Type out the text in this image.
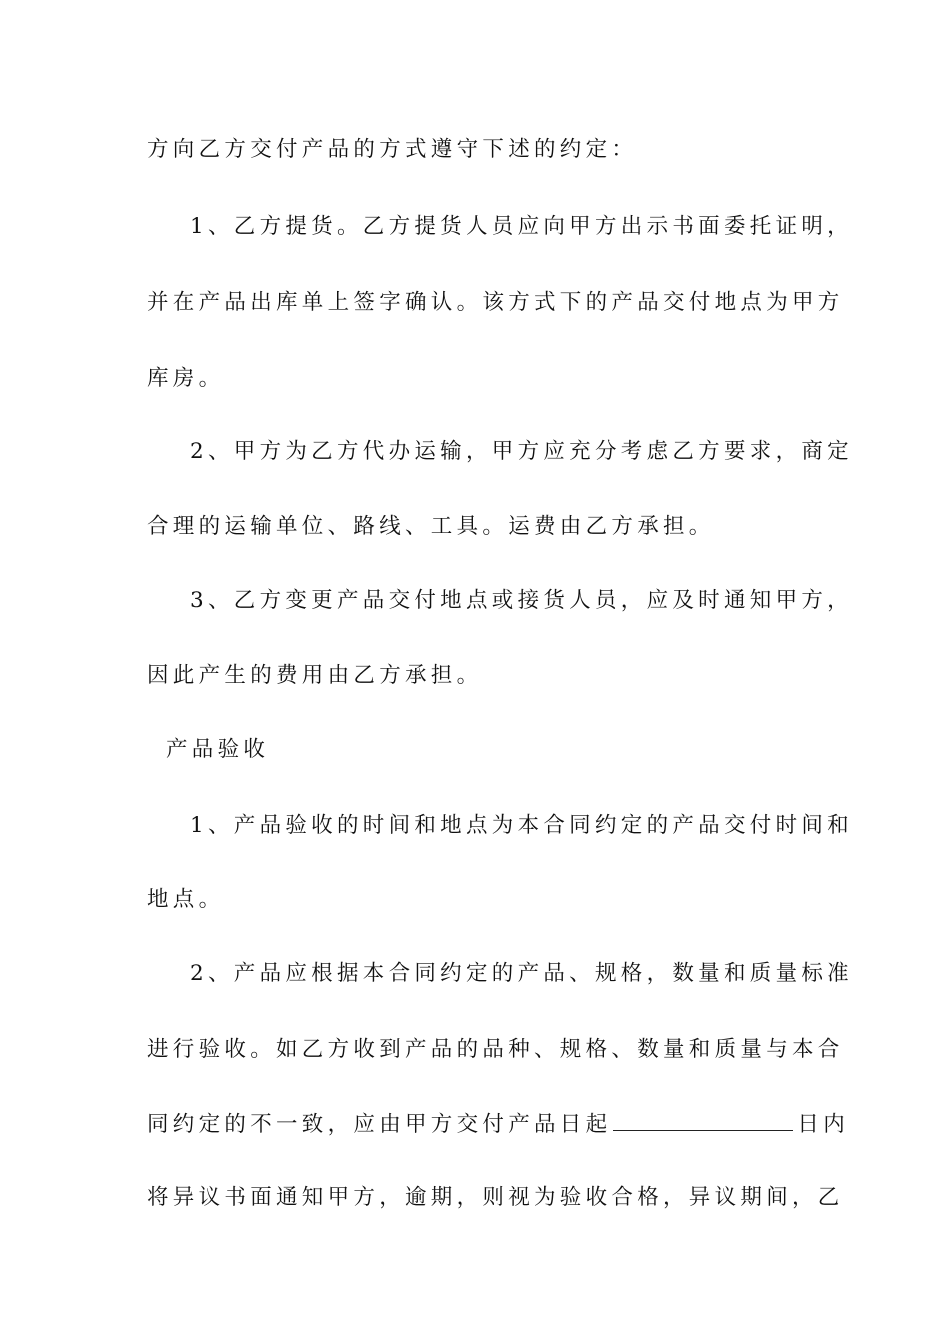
方向乙方交付产品的方式遵守下述的约定：
1、乙方提货。乙方提货人员应向甲方出示书面委托证明，
并在产品出库单上签字确认。该方式下的产品交付地点为甲方
库房。
2、甲方为乙方代办运输，甲方应充分考虑乙方要求，商定
合理的运输单位、路线、工具。运费由乙方承担。
3、乙方变更产品交付地点或接货人员，应及时通知甲方，
因此产生的费用由乙方承担。
产品验收
1、产品验收的时间和地点为本合同约定的产品交付时间和
地点。
2、产品应根据本合同约定的产品、规格，数量和质量标准
进行验收。如乙方收到产品的品种、规格、数量和质量与本合
同约定的不一致，应由甲方交付产品日起	日内
将异议书面通知甲方，逾期，则视为验收合格，异议期间，乙
